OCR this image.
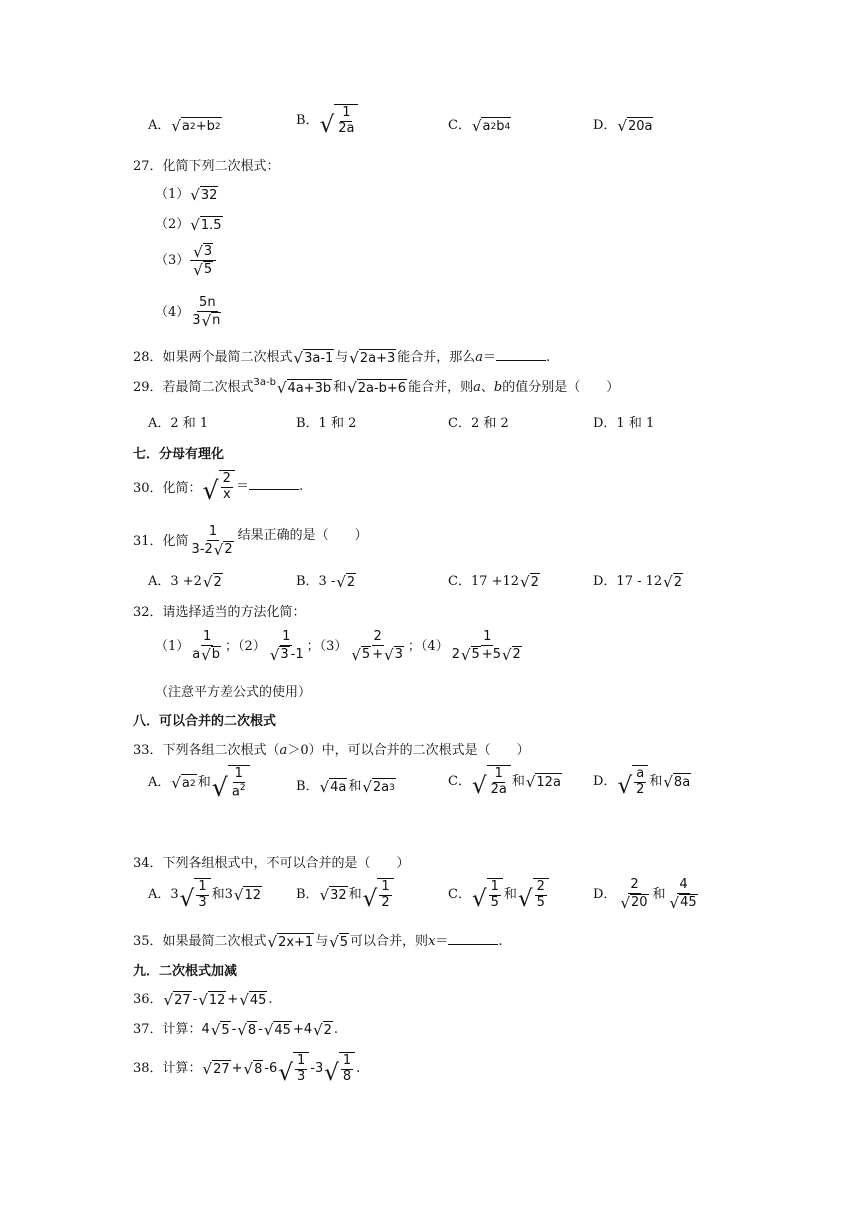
A． √ a 2 +b 2	B． √ $\frac{1}{2a}$	C． √ a 2 b 4	D． √ 20a
27．化简下列二次根式：
（1） √ 32
（2） √ 1.5
$(3) \frac{√ 3}{√ 5}$
$(4) \frac{5n}{3 √ n}$
28．如果两个最简二次根式 √ 3a-1 与 √ 2a+3 能合并，那么a＝	.
29．若最简二次根式$^{3a-b}$ √ 4a+3b 和 √ 2a-b+6 能合并，则a、b的值分别是（　　）
A．2 和 1	B．1 和 2	C．2 和 2	D．1 和 1
七．分母有理化
30．化简： √ $\frac{2}{x}$ ＝	.
31．化简 $\frac{1}{3-2 √ 2}$ 结果正确的是（　　）
A．3 +2 √ 2	B．3 - √ 2	C．17 +12 √ 2	D．17 - 12 √ 2
32．请选择适当的方法化简：
$(1) \frac{1}{a √ b}$ ；$(2) \frac{1}{√ 3 -1}$ ；$(3) \frac{2}{√ 5 + √ 3}$ ；$(4) \frac{1}{2 √ 5 +5 √ 2}$
（注意平方差公式的使用）
八．可以合并的二次根式
33．下列各组二次根式（a＞0）中，可以合并的二次根式是（　　）
A． √ a 2 和 √ $\frac{1}{a^2}$	B． √ 4a 和 √ 2a 3	C． √ $\frac{1}{2a}$ 和 √ 12a D． √ $\frac{a}{2}$ 和 √ 8a
34．下列各组根式中，不可以合并的是（　　）
A．3 √ $\frac{1}{3}$ 和3 √ 12	B． √ 32 和 √ $\frac{1}{2}$	C． √ $\frac{1}{5}$ 和 √ $\frac{2}{5}$	D． $\frac{2}{√ 20}$ 和 $\frac{4}{√ 45}$
35．如果最简二次根式 √ 2x+1 与 √ 5 可以合并，则x＝	.
九．二次根式加减
36． √ 27 - √ 12 + √ 45 .
37．计算：4 √ 5 - √ 8 - √ 45 +4 √ 2 .
38．计算： √ 27 + √ 8 -6 √ $\frac{1}{3} -3$ √ $\frac{1}{8}$ .
